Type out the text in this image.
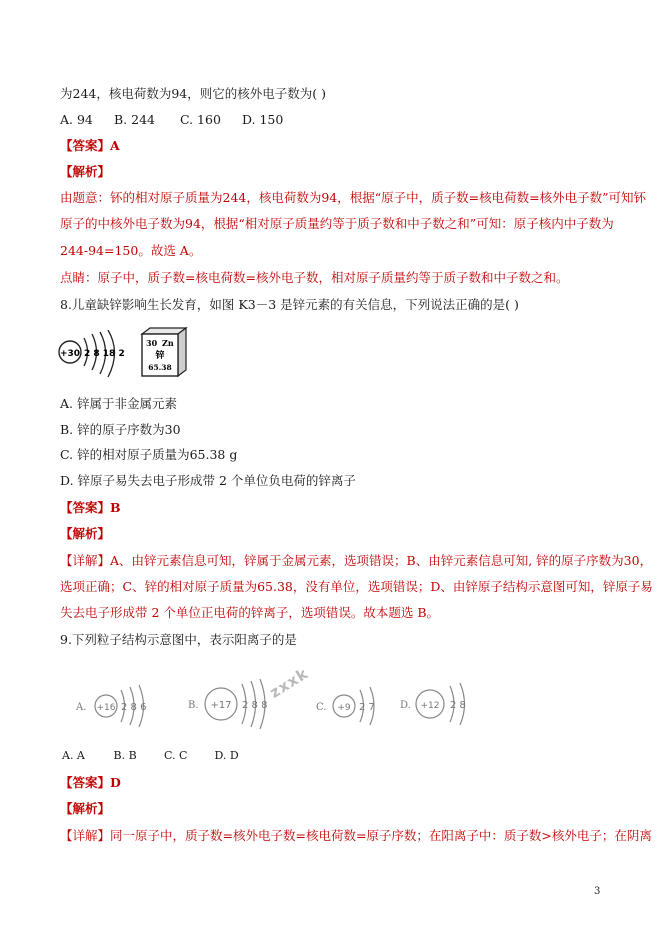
为244，核电荷数为94，则它的核外电子数为( )
A. 94 B. 244 C. 160 D. 150
【答案】A
【解析】
由题意：钚的相对原子质量为244，核电荷数为94，根据“原子中，质子数=核电荷数=核外电子数”可知钚
原子的中核外电子数为94，根据“相对原子质量约等于质子数和中子数之和”可知：原子核内中子数为
244-94=150。故选 A。
点睛：原子中，质子数=核电荷数=核外电子数，相对原子质量约等于质子数和中子数之和。
8.儿童缺锌影响生长发育，如图 K3－3 是锌元素的有关信息，下列说法正确的是( )
+30 2 8 18 2
30 Zn
锌
65.38
A. 锌属于非金属元素
B. 锌的原子序数为30
C. 锌的相对原子质量为65.38 g
D. 锌原子易失去电子形成带 2 个单位负电荷的锌离子
【答案】B
【解析】
【详解】A、由锌元素信息可知，锌属于金属元素，选项错误；B、由锌元素信息可知, 锌的原子序数为30，
选项正确；C、锌的相对原子质量为65.38，没有单位，选项错误；D、由锌原子结构示意图可知，锌原子易
失去电子形成带 2 个单位正电荷的锌离子，选项错误。故本题选 B。
9.下列粒子结构示意图中，表示阳离子的是
A. +16 2 8 6	B. +17 2 8 8
zxxk
C. +9 2 7	D. +12 2 8
A. A	B. B C. C D. D
【答案】D
【解析】
【详解】同一原子中，质子数=核外电子数=核电荷数=原子序数；在阳离子中：质子数>核外电子；在阴离
3
